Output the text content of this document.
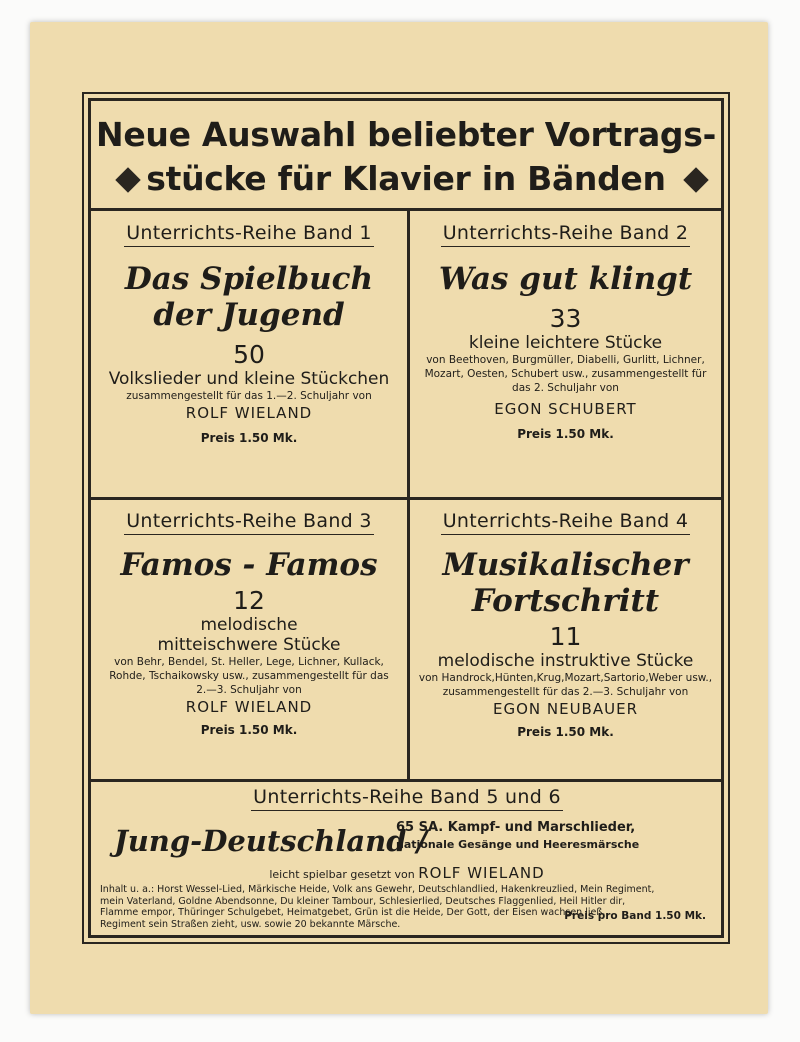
Neue Auswahl beliebter Vortrags-
stücke für Klavier in Bänden
Unterrichts-Reihe Band 1
Das Spielbuch
der Jugend
50
Volkslieder und kleine Stückchen
zusammengestellt für das 1.—2. Schuljahr von
ROLF WIELAND
Preis 1.50 Mk.
Unterrichts-Reihe Band 2
Was gut klingt
33
kleine leichtere Stücke
von Beethoven, Burgmüller, Diabelli, Gurlitt, Lichner,
Mozart, Oesten, Schubert usw., zusammengestellt für
das 2. Schuljahr von
EGON SCHUBERT
Preis 1.50 Mk.
Unterrichts-Reihe Band 3
Famos - Famos
12
melodische
mitteischwere Stücke
von Behr, Bendel, St. Heller, Lege, Lichner, Kullack,
Rohde, Tschaikowsky usw., zusammengestellt für das
2.—3. Schuljahr von
ROLF WIELAND
Preis 1.50 Mk.
Unterrichts-Reihe Band 4
Musikalischer
Fortschritt
11
melodische instruktive Stücke
von Handrock,Hünten,Krug,Mozart,Sartorio,Weber usw.,
zusammengestellt für das 2.—3. Schuljahr von
EGON NEUBAUER
Preis 1.50 Mk.
Unterrichts-Reihe Band 5 und 6
Jung-Deutschland /
65 SA. Kampf- und Marschlieder,
nationale Gesänge und Heeresmärsche
leicht spielbar gesetzt von ROLF WIELAND
Inhalt u. a.: Horst Wessel-Lied, Märkische Heide, Volk ans Gewehr, Deutschlandlied, Hakenkreuzlied, Mein Regiment,
mein Vaterland, Goldne Abendsonne, Du kleiner Tambour, Schlesierlied, Deutsches Flaggenlied, Heil Hitler dir,
Flamme empor, Thüringer Schulgebet, Heimatgebet, Grün ist die Heide, Der Gott, der Eisen wachsen ließ,
Regiment sein Straßen zieht, usw. sowie 20 bekannte Märsche.
Preis pro Band 1.50 Mk.
